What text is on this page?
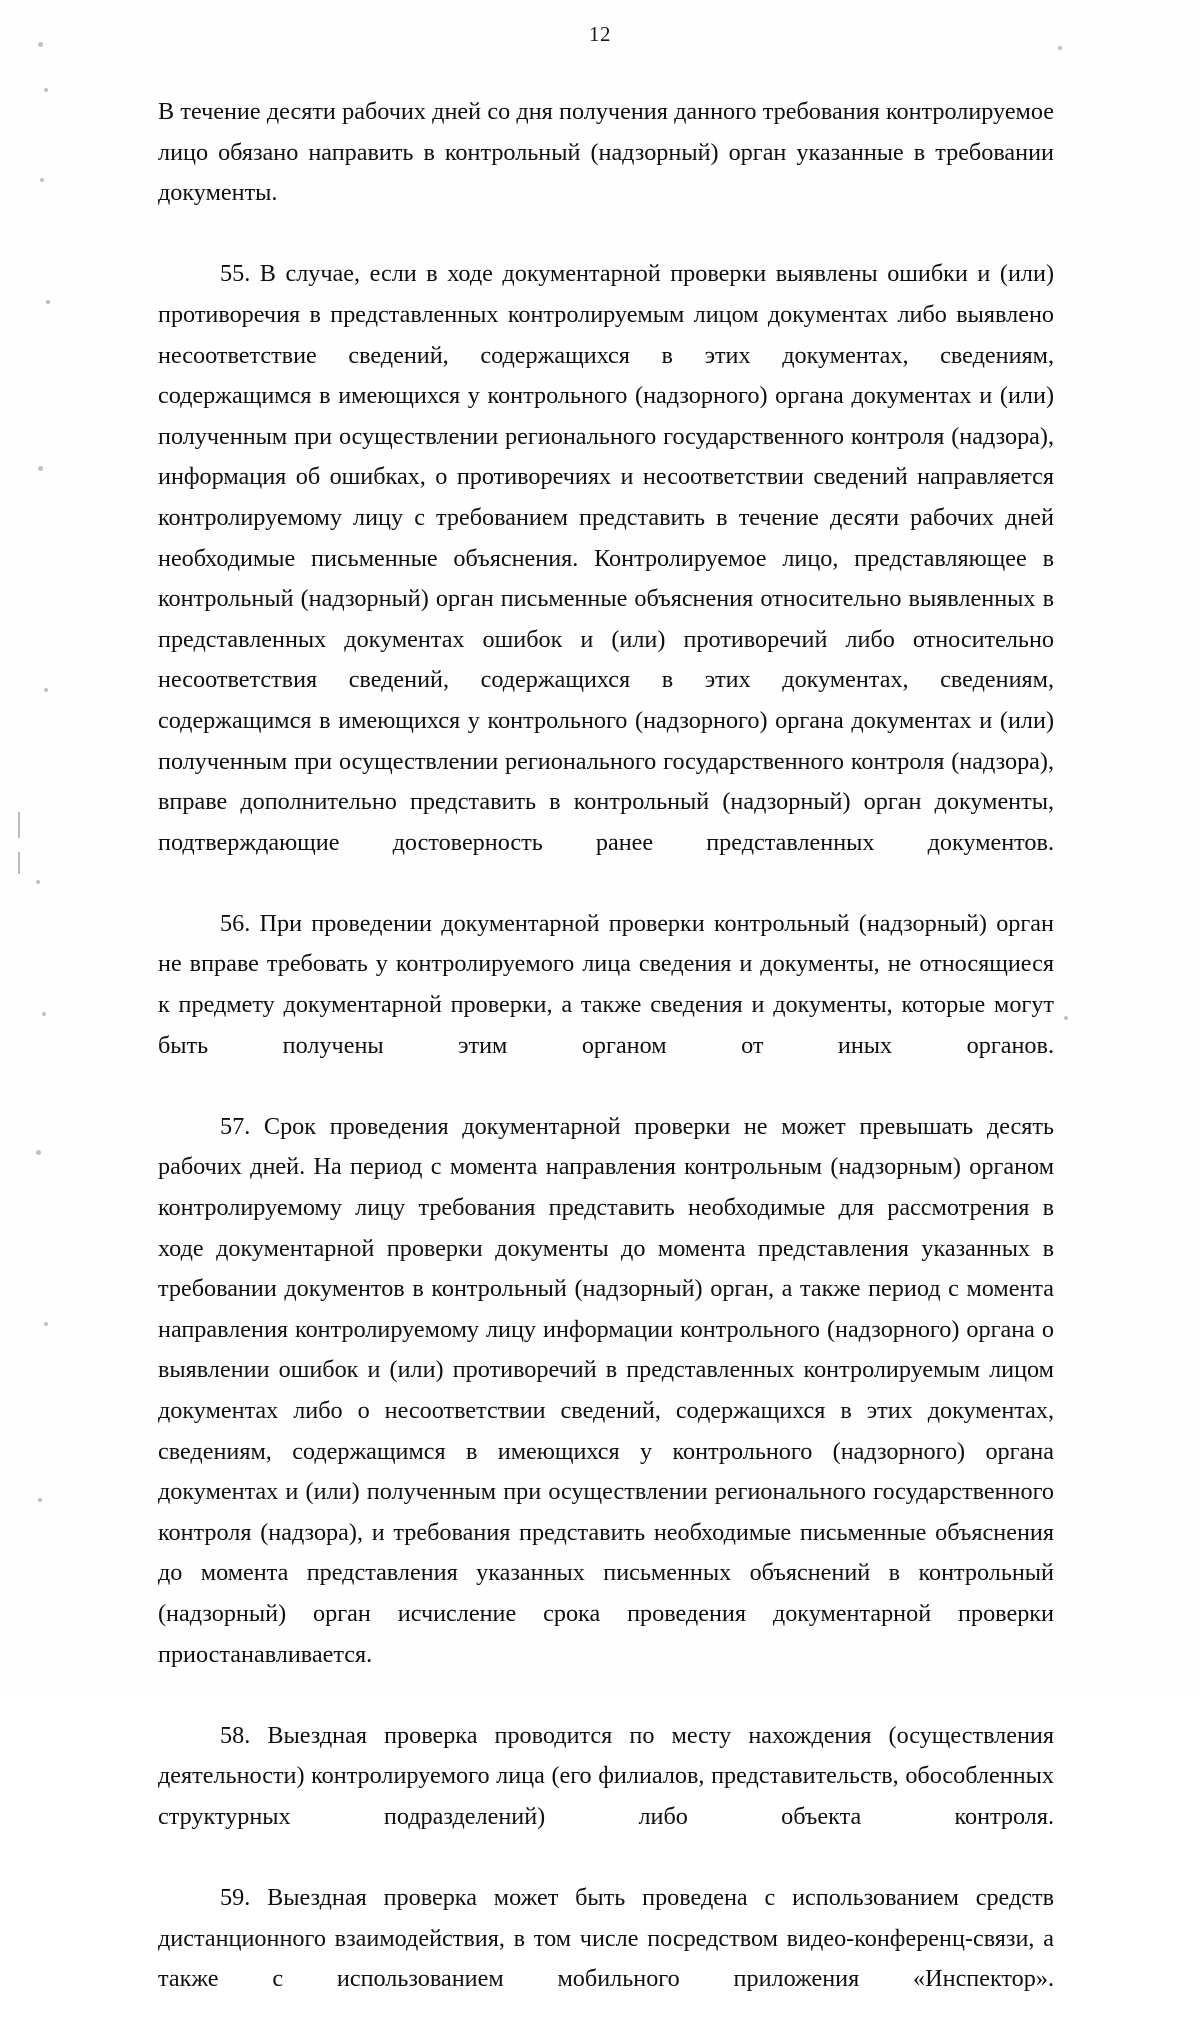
12

В течение десяти рабочих дней со дня получения данного требования контролируемое лицо обязано направить в контрольный (надзорный) орган указанные в требовании документы.

55. В случае, если в ходе документарной проверки выявлены ошибки и (или) противоречия в представленных контролируемым лицом документах либо выявлено несоответствие сведений, содержащихся в этих документах, сведениям, содержащимся в имеющихся у контрольного (надзорного) органа документах и (или) полученным при осуществлении регионального государственного контроля (надзора), информация об ошибках, о противоречиях и несоответствии сведений направляется контролируемому лицу с требованием представить в течение десяти рабочих дней необходимые письменные объяснения. Контролируемое лицо, представляющее в контрольный (надзорный) орган письменные объяснения относительно выявленных в представленных документах ошибок и (или) противоречий либо относительно несоответствия сведений, содержащихся в этих документах, сведениям, содержащимся в имеющихся у контрольного (надзорного) органа документах и (или) полученным при осуществлении регионального государственного контроля (надзора), вправе дополнительно представить в контрольный (надзорный) орган документы, подтверждающие достоверность ранее представленных документов.

56. При проведении документарной проверки контрольный (надзорный) орган не вправе требовать у контролируемого лица сведения и документы, не относящиеся к предмету документарной проверки, а также сведения и документы, которые могут быть получены этим органом от иных органов.

57. Срок проведения документарной проверки не может превышать десять рабочих дней. На период с момента направления контрольным (надзорным) органом контролируемому лицу требования представить необходимые для рассмотрения в ходе документарной проверки документы до момента представления указанных в требовании документов в контрольный (надзорный) орган, а также период с момента направления контролируемому лицу информации контрольного (надзорного) органа о выявлении ошибок и (или) противоречий в представленных контролируемым лицом документах либо о несоответствии сведений, содержащихся в этих документах, сведениям, содержащимся в имеющихся у контрольного (надзорного) органа документах и (или) полученным при осуществлении регионального государственного контроля (надзора), и требования представить необходимые письменные объяснения до момента представления указанных письменных объяснений в контрольный (надзорный) орган исчисление срока проведения документарной проверки приостанавливается.

58. Выездная проверка проводится по месту нахождения (осуществления деятельности) контролируемого лица (его филиалов, представительств, обособленных структурных подразделений) либо объекта контроля.

59. Выездная проверка может быть проведена с использованием средств дистанционного взаимодействия, в том числе посредством видео-конференц-связи, а также с использованием мобильного приложения «Инспектор».
